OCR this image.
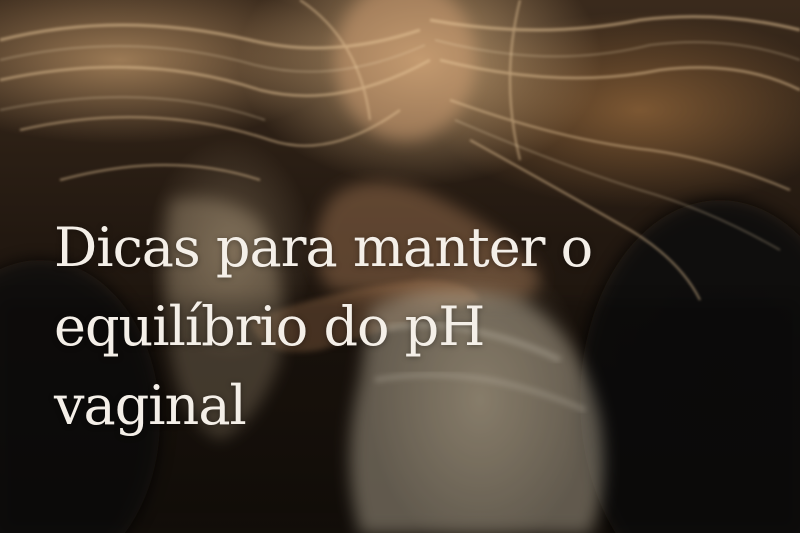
Dicas para manter o equilíbrio do pH vaginal
